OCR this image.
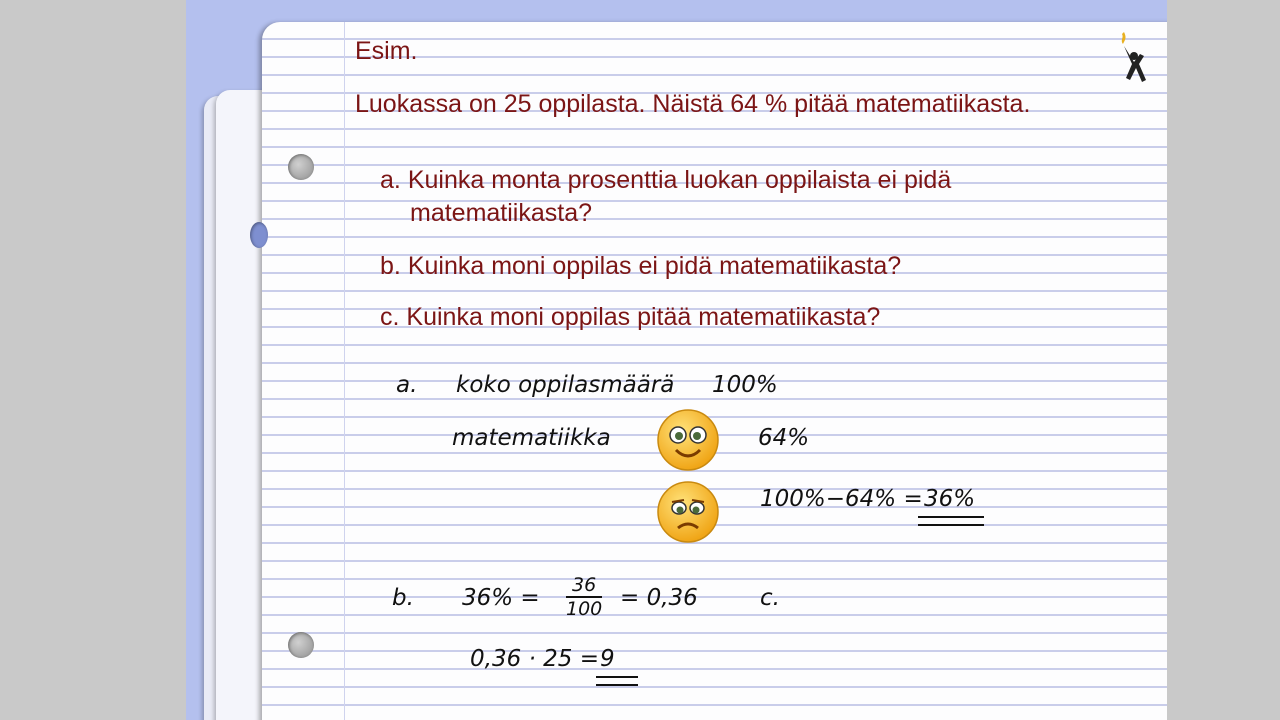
Esim.
Luokassa on 25 oppilasta. Näistä 64 % pitää matematiikasta.
a. Kuinka monta prosenttia luokan oppilaista ei pidä
matematiikasta?
b. Kuinka moni oppilas ei pidä matematiikasta?
c. Kuinka moni oppilas pitää matematiikasta?
a. koko oppilasmäärä 100%
matematiikka	64%
100%−64% = 36%
b. $36\% = \frac{36}{100} = 0,36$	c.
0,36 · 25 = 9
